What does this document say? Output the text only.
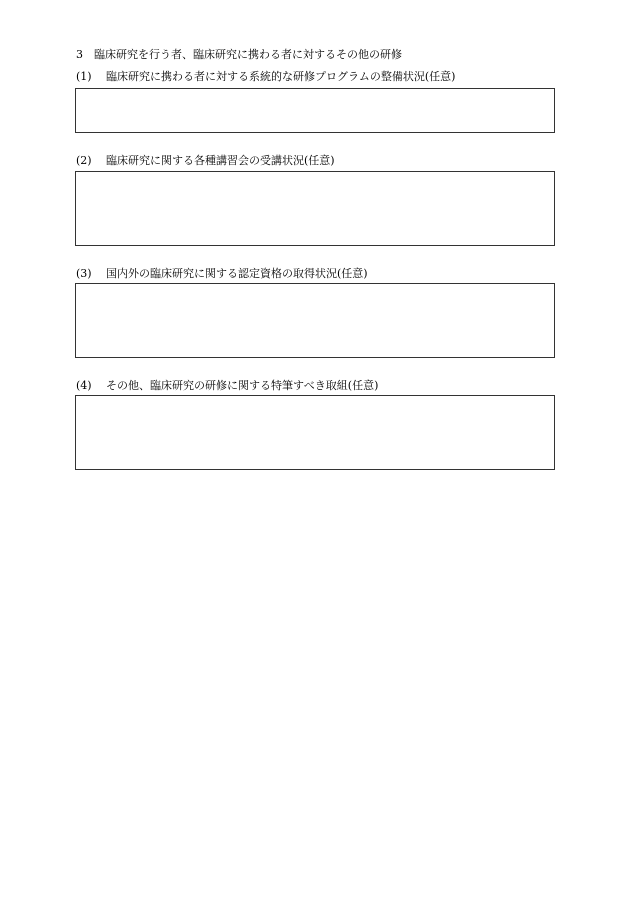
3 臨床研究を行う者、臨床研究に携わる者に対するその他の研修
(1) 臨床研究に携わる者に対する系統的な研修プログラムの整備状況(任意)
(2) 臨床研究に関する各種講習会の受講状況(任意)
(3) 国内外の臨床研究に関する認定資格の取得状況(任意)
(4) その他、臨床研究の研修に関する特筆すべき取組(任意)
